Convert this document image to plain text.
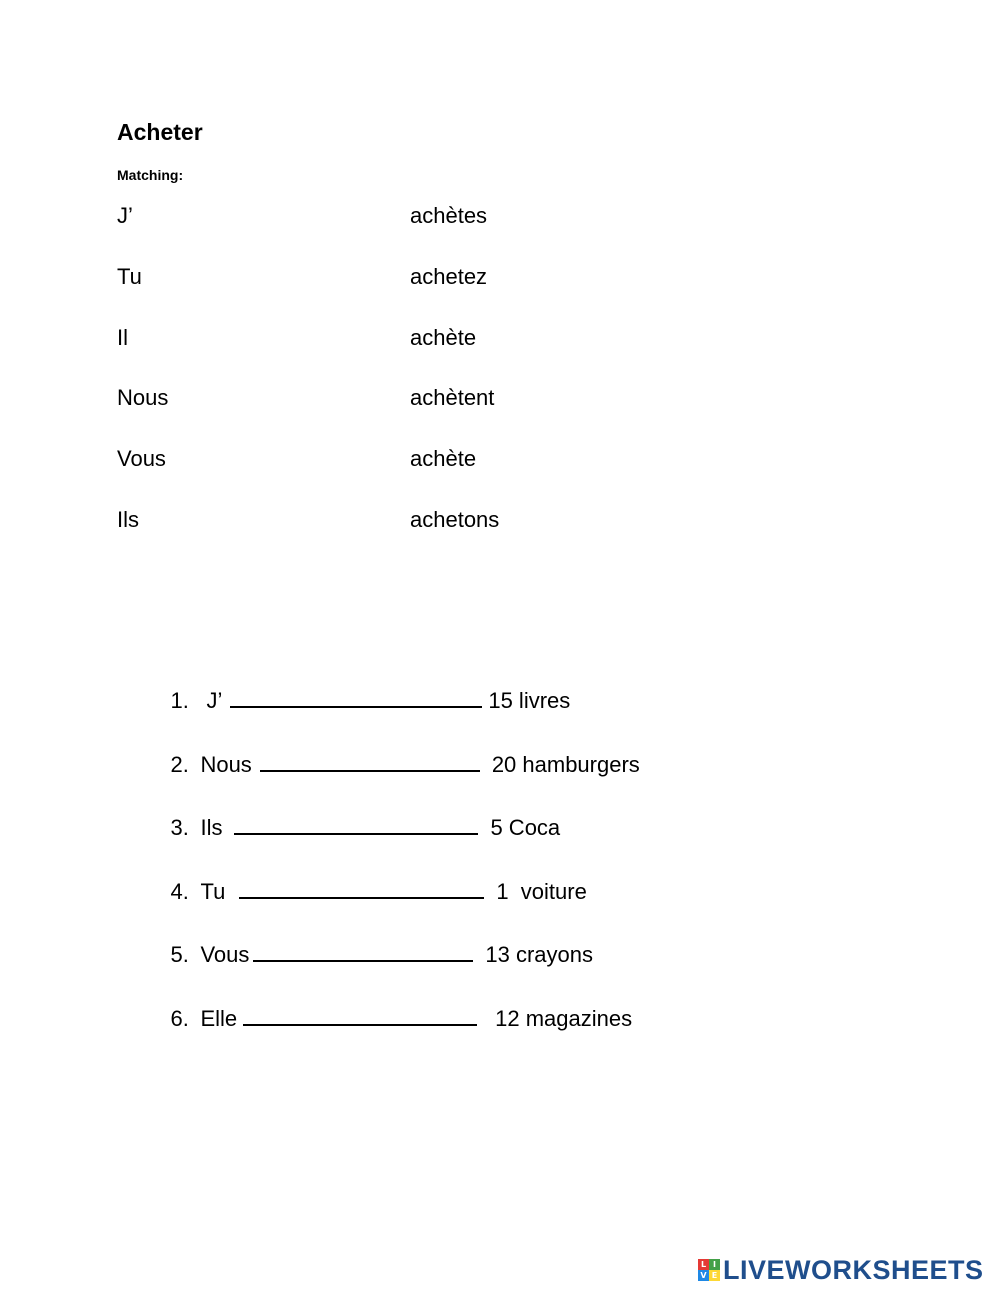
Acheter
Matching:
J’	achètes
Tu	achetez
Il	achète
Nous	achètent
Vous	achète
Ils	achetons

1. J’	15 livres

2. Nous	20 hamburgers

3. Ils	5 Coca

4. Tu	1  voiture

5. Vous	13 crayons

6. Elle	12 magazines

L I
V E LIVEWORKSHEETS
